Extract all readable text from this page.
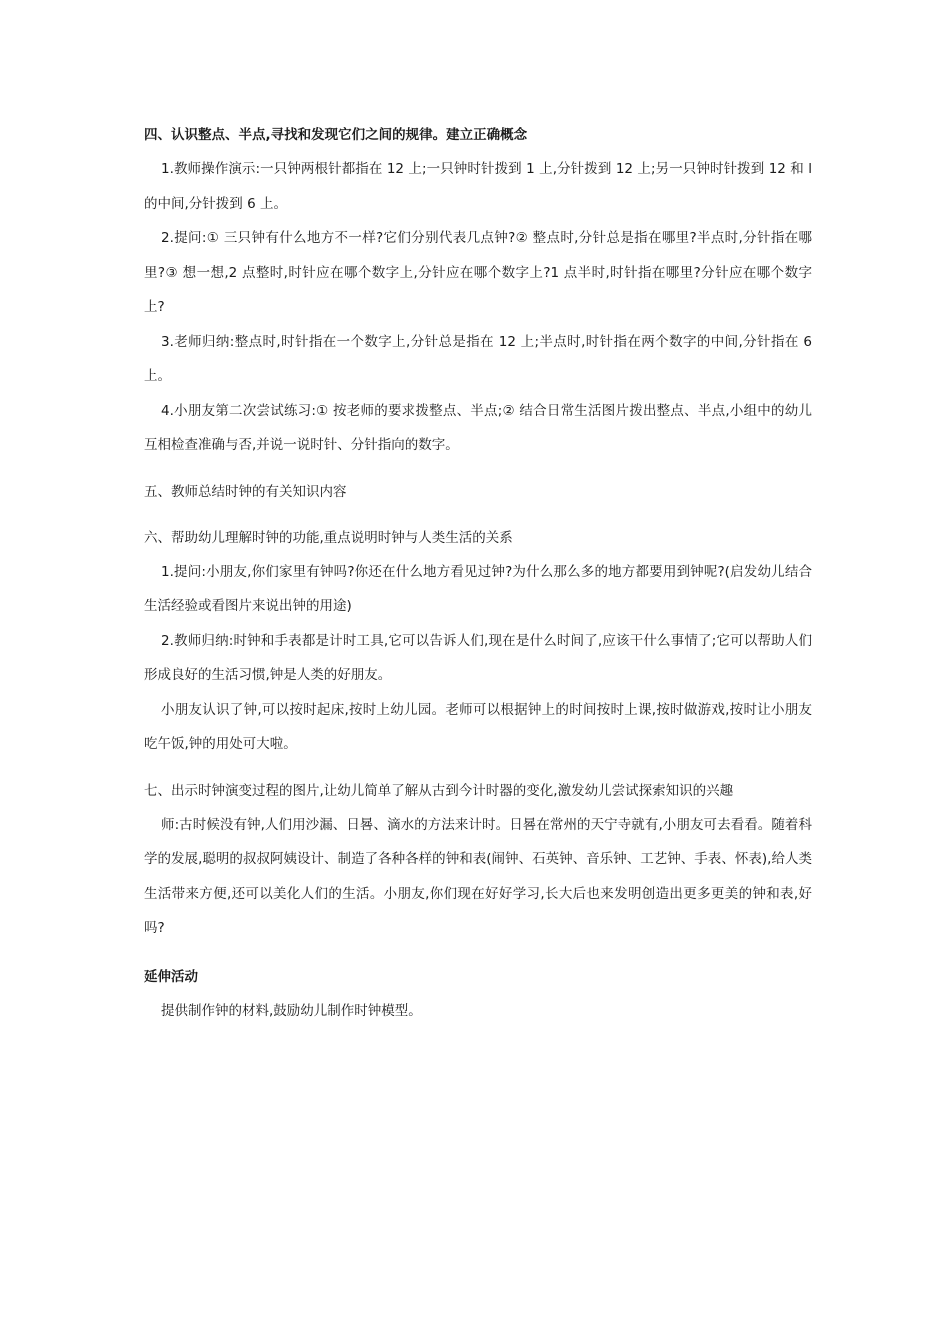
四、认识整点、半点,寻找和发现它们之间的规律。建立正确概念

1.教师操作演示:一只钟两根针都指在 12 上;一只钟时针拨到 1 上,分针拨到 12 上;另一只钟时针拨到 12 和 l 的中间,分针拨到 6 上。

2.提问:① 三只钟有什么地方不一样?它们分别代表几点钟?② 整点时,分针总是指在哪里?半点时,分针指在哪里?③ 想一想,2 点整时,时针应在哪个数字上,分针应在哪个数字上?1 点半时,时针指在哪里?分针应在哪个数字上?

3.老师归纳:整点时,时针指在一个数字上,分针总是指在 12 上;半点时,时针指在两个数字的中间,分针指在 6 上。

4.小朋友第二次尝试练习:① 按老师的要求拨整点、半点;② 结合日常生活图片拨出整点、半点,小组中的幼儿互相检查准确与否,并说一说时针、分针指向的数字。

五、教师总结时钟的有关知识内容

六、帮助幼儿理解时钟的功能,重点说明时钟与人类生活的关系

1.提问:小朋友,你们家里有钟吗?你还在什么地方看见过钟?为什么那么多的地方都要用到钟呢?(启发幼儿结合生活经验或看图片来说出钟的用途)

2.教师归纳:时钟和手表都是计时工具,它可以告诉人们,现在是什么时间了,应该干什么事情了;它可以帮助人们形成良好的生活习惯,钟是人类的好朋友。

小朋友认识了钟,可以按时起床,按时上幼儿园。老师可以根据钟上的时间按时上课,按时做游戏,按时让小朋友吃午饭,钟的用处可大啦。

七、出示时钟演变过程的图片,让幼儿简单了解从古到今计时器的变化,激发幼儿尝试探索知识的兴趣

师:古时候没有钟,人们用沙漏、日晷、滴水的方法来计时。日晷在常州的天宁寺就有,小朋友可去看看。随着科学的发展,聪明的叔叔阿姨设计、制造了各种各样的钟和表(闹钟、石英钟、音乐钟、工艺钟、手表、怀表),给人类生活带来方便,还可以美化人们的生活。小朋友,你们现在好好学习,长大后也来发明创造出更多更美的钟和表,好吗?

延伸活动

提供制作钟的材料,鼓励幼儿制作时钟模型。
